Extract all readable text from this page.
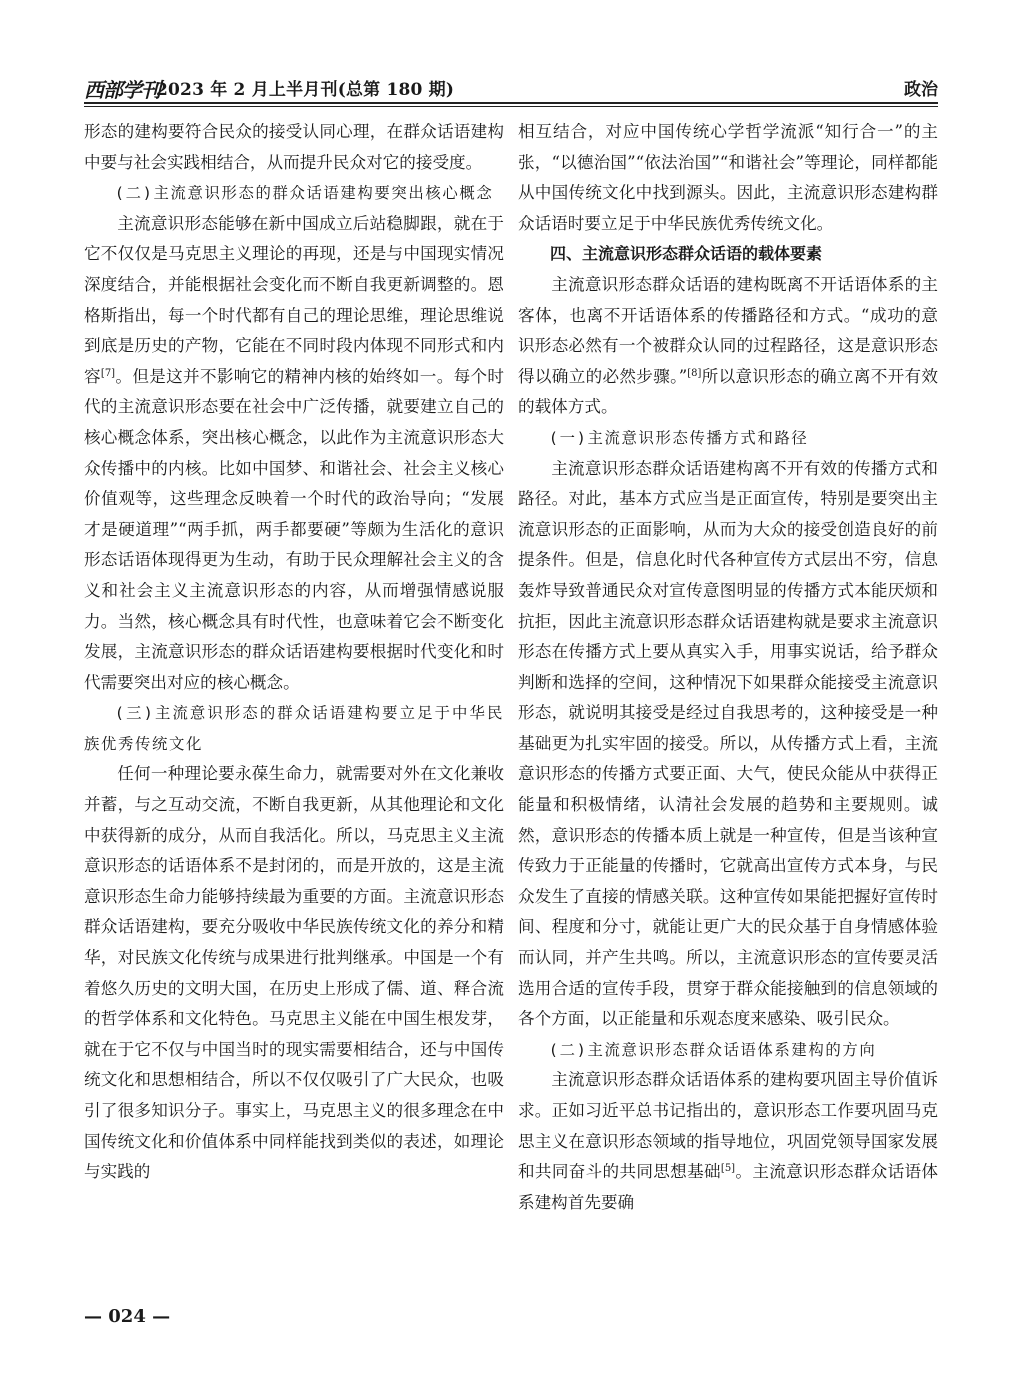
西部学刊
2023 年 2 月上半月刊(总第 180 期)	政治

形态的建构要符合民众的接受认同心理，在群众话语建构中要与社会实践相结合，从而提升民众对它的接受度。

(二)主流意识形态的群众话语建构要突出核心概念

主流意识形态能够在新中国成立后站稳脚跟，就在于它不仅仅是马克思主义理论的再现，还是与中国现实情况深度结合，并能根据社会变化而不断自我更新调整的。恩格斯指出，每一个时代都有自己的理论思维，理论思维说到底是历史的产物，它能在不同时段内体现不同形式和内容[7]。但是这并不影响它的精神内核的始终如一。每个时代的主流意识形态要在社会中广泛传播，就要建立自己的核心概念体系，突出核心概念，以此作为主流意识形态大众传播中的内核。比如中国梦、和谐社会、社会主义核心价值观等，这些理念反映着一个时代的政治导向；“发展才是硬道理”“两手抓，两手都要硬”等颇为生活化的意识形态话语体现得更为生动，有助于民众理解社会主义的含义和社会主义主流意识形态的内容，从而增强情感说服力。当然，核心概念具有时代性，也意味着它会不断变化发展，主流意识形态的群众话语建构要根据时代变化和时代需要突出对应的核心概念。

(三)主流意识形态的群众话语建构要立足于中华民族优秀传统文化

任何一种理论要永葆生命力，就需要对外在文化兼收并蓄，与之互动交流，不断自我更新，从其他理论和文化中获得新的成分，从而自我活化。所以，马克思主义主流意识形态的话语体系不是封闭的，而是开放的，这是主流意识形态生命力能够持续最为重要的方面。主流意识形态群众话语建构，要充分吸收中华民族传统文化的养分和精华，对民族文化传统与成果进行批判继承。中国是一个有着悠久历史的文明大国，在历史上形成了儒、道、释合流的哲学体系和文化特色。马克思主义能在中国生根发芽，就在于它不仅与中国当时的现实需要相结合，还与中国传统文化和思想相结合，所以不仅仅吸引了广大民众，也吸引了很多知识分子。事实上，马克思主义的很多理念在中国传统文化和价值体系中同样能找到类似的表述，如理论与实践的

相互结合，对应中国传统心学哲学流派“知行合一”的主张，“以德治国”“依法治国”“和谐社会”等理论，同样都能从中国传统文化中找到源头。因此，主流意识形态建构群众话语时要立足于中华民族优秀传统文化。

四、主流意识形态群众话语的载体要素

主流意识形态群众话语的建构既离不开话语体系的主客体，也离不开话语体系的传播路径和方式。“成功的意识形态必然有一个被群众认同的过程路径，这是意识形态得以确立的必然步骤。”[8]所以意识形态的确立离不开有效的载体方式。

(一)主流意识形态传播方式和路径

主流意识形态群众话语建构离不开有效的传播方式和路径。对此，基本方式应当是正面宣传，特别是要突出主流意识形态的正面影响，从而为大众的接受创造良好的前提条件。但是，信息化时代各种宣传方式层出不穷，信息轰炸导致普通民众对宣传意图明显的传播方式本能厌烦和抗拒，因此主流意识形态群众话语建构就是要求主流意识形态在传播方式上要从真实入手，用事实说话，给予群众判断和选择的空间，这种情况下如果群众能接受主流意识形态，就说明其接受是经过自我思考的，这种接受是一种基础更为扎实牢固的接受。所以，从传播方式上看，主流意识形态的传播方式要正面、大气，使民众能从中获得正能量和积极情绪，认清社会发展的趋势和主要规则。诚然，意识形态的传播本质上就是一种宣传，但是当该种宣传致力于正能量的传播时，它就高出宣传方式本身，与民众发生了直接的情感关联。这种宣传如果能把握好宣传时间、程度和分寸，就能让更广大的民众基于自身情感体验而认同，并产生共鸣。所以，主流意识形态的宣传要灵活选用合适的宣传手段，贯穿于群众能接触到的信息领域的各个方面，以正能量和乐观态度来感染、吸引民众。

(二)主流意识形态群众话语体系建构的方向

主流意识形态群众话语体系的建构要巩固主导价值诉求。正如习近平总书记指出的，意识形态工作要巩固马克思主义在意识形态领域的指导地位，巩固党领导国家发展和共同奋斗的共同思想基础[5]。主流意识形态群众话语体系建构首先要确

— 024 —
